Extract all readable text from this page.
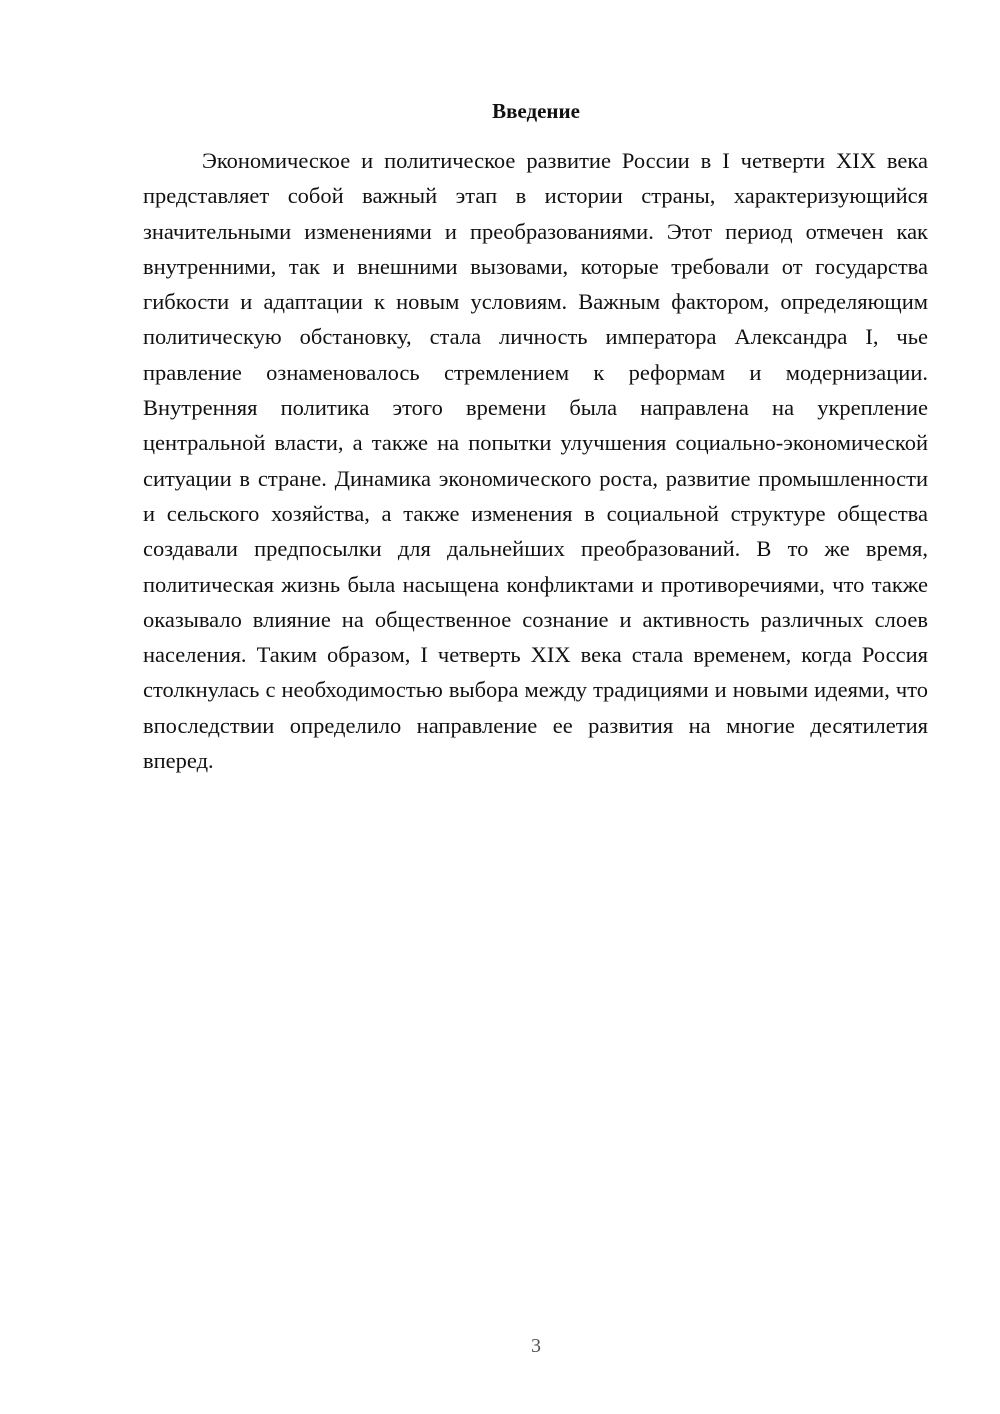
Введение

Экономическое и политическое развитие России в I четверти XIX века представляет собой важный этап в истории страны, характеризующийся значительными изменениями и преобразованиями. Этот период отмечен как внутренними, так и внешними вызовами, которые требовали от государства гибкости и адаптации к новым условиям. Важным фактором, определяющим политическую обстановку, стала личность императора Александра I, чье правление ознаменовалось стремлением к реформам и модернизации. Внутренняя политика этого времени была направлена на укрепление центральной власти, а также на попытки улучшения социально-экономической ситуации в стране. Динамика экономического роста, развитие промышленности и сельского хозяйства, а также изменения в социальной структуре общества создавали предпосылки для дальнейших преобразований. В то же время, политическая жизнь была насыщена конфликтами и противоречиями, что также оказывало влияние на общественное сознание и активность различных слоев населения. Таким образом, I четверть XIX века стала временем, когда Россия столкнулась с необходимостью выбора между традициями и новыми идеями, что впоследствии определило направление ее развития на многие десятилетия вперед.

3
